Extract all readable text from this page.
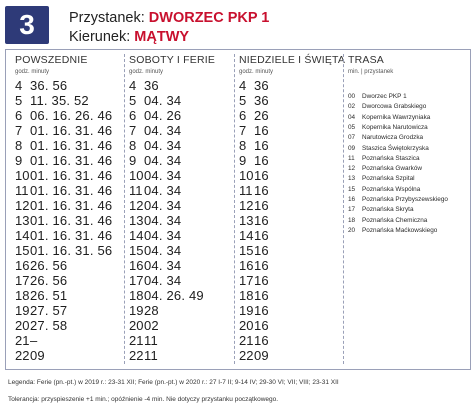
3	Przystanek: DWORZEC PKP 1
Kierunek: MĄTWY
POWSZEDNIE
godz. minuty
4 36. 56
5 11. 35. 52
6 06. 16. 26. 46
7 01. 16. 31. 46
8 01. 16. 31. 46
9 01. 16. 31. 46
10 01. 16. 31. 46
11 01. 16. 31. 46
12 01. 16. 31. 46
13 01. 16. 31. 46
14 01. 16. 31. 46
15 01. 16. 31. 56
16 26. 56
17 26. 56
18 26. 51
19 27. 57
20 27. 58
21 –
22 09
SOBOTY I FERIE
godz. minuty
4 36
5 04. 34
6 04. 26
7 04. 34
8 04. 34
9 04. 34
10 04. 34
11 04. 34
12 04. 34
13 04. 34
14 04. 34
15 04. 34
16 04. 34
17 04. 34
18 04. 26. 49
19 28
20 02
21 11
22 11
NIEDZIELE I ŚWIĘTA
godz. minuty
4 36
5 36
6 26
7 16
8 16
9 16
10 16
11 16
12 16
13 16
14 16
15 16
16 16
17 16
18 16
19 16
20 16
21 16
22 09
TRASA
min. | przystanek
00 Dworzec PKP 1
02 Dworcowa Grabskiego
04 Kopernika Wawrzyniaka
05 Kopernika Narutowicza
07 Narutowicza Grodzka
09 Staszica Świętokrzyska
11 Poznańska Staszica
12 Poznańska Gwarków
13 Poznańska Szpital
15 Poznańska Wspólna
16 Poznańska Przybyszewskiego
17 Poznańska Skryta
18 Poznańska Chemiczna
20 Poznańska Maćkowskiego
Legenda: Ferie (pn.-pt.) w 2019 r.: 23-31 XII; Ferie (pn.-pt.) w 2020 r.: 27 I-7 II; 9-14 IV; 29-30 VI; VII; VIII; 23-31 XII
Tolerancja: przyspieszenie +1 min.; opóźnienie -4 min. Nie dotyczy przystanku początkowego.
